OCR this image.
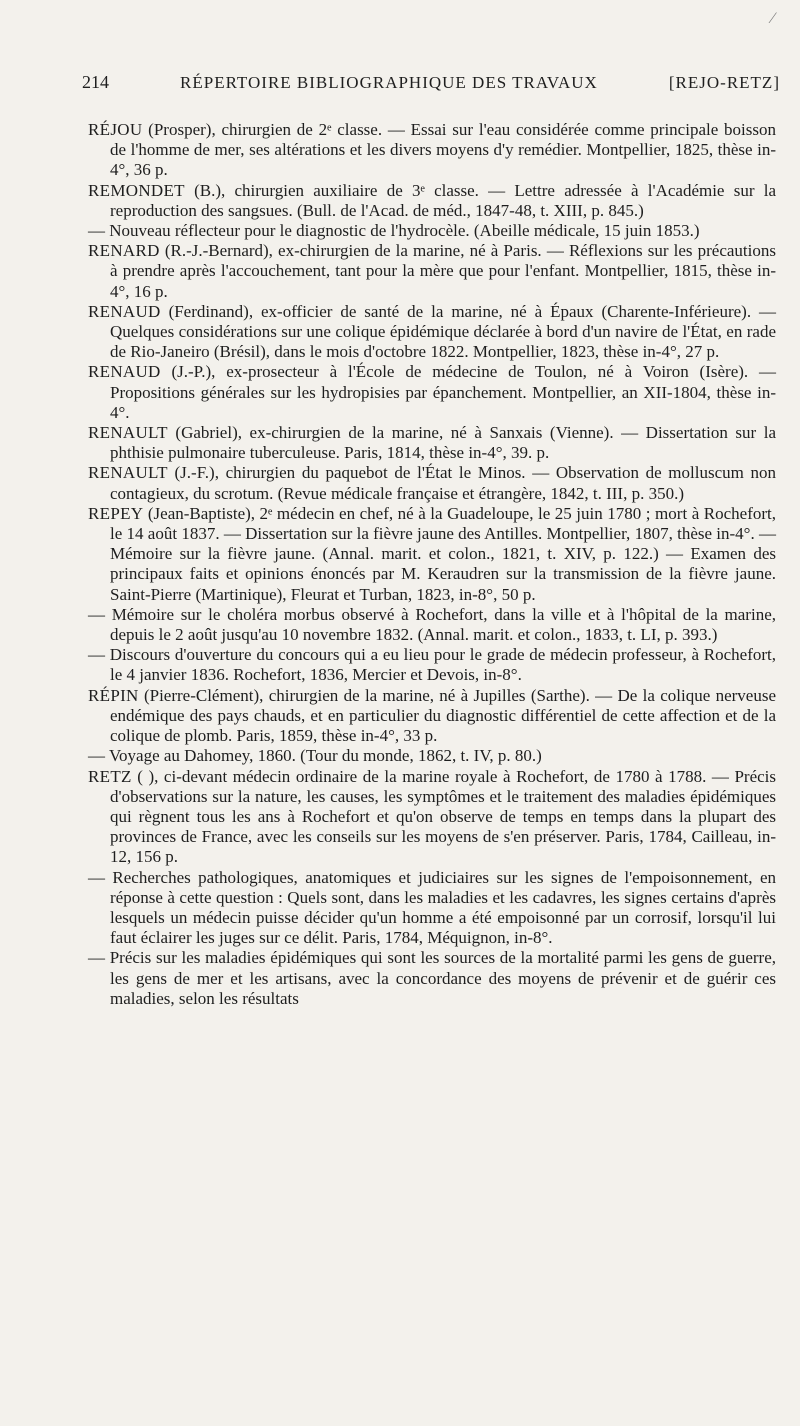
⁄
214	RÉPERTOIRE BIBLIOGRAPHIQUE DES TRAVAUX	[REJO-RETZ]

RÉJOU (Prosper), chirurgien de 2ᵉ classe. — Essai sur l'eau considérée comme principale boisson de l'homme de mer, ses altérations et les divers moyens d'y remédier. Montpellier, 1825, thèse in-4°, 36 p.

REMONDET (B.), chirurgien auxiliaire de 3ᵉ classe. — Lettre adressée à l'Académie sur la reproduction des sangsues. (Bull. de l'Acad. de méd., 1847-48, t. XIII, p. 845.)

— Nouveau réflecteur pour le diagnostic de l'hydrocèle. (Abeille médicale, 15 juin 1853.)

RENARD (R.-J.-Bernard), ex-chirurgien de la marine, né à Paris. — Réflexions sur les précautions à prendre après l'accouchement, tant pour la mère que pour l'enfant. Montpellier, 1815, thèse in-4°, 16 p.

RENAUD (Ferdinand), ex-officier de santé de la marine, né à Épaux (Charente-Inférieure). — Quelques considérations sur une colique épidémique déclarée à bord d'un navire de l'État, en rade de Rio-Janeiro (Brésil), dans le mois d'octobre 1822. Montpellier, 1823, thèse in-4°, 27 p.

RENAUD (J.-P.), ex-prosecteur à l'École de médecine de Toulon, né à Voiron (Isère). — Propositions générales sur les hydropisies par épanchement. Montpellier, an XII-1804, thèse in-4°.

RENAULT (Gabriel), ex-chirurgien de la marine, né à Sanxais (Vienne). — Dissertation sur la phthisie pulmonaire tuberculeuse. Paris, 1814, thèse in-4°, 39. p.

RENAULT (J.-F.), chirurgien du paquebot de l'État le Minos. — Observation de molluscum non contagieux, du scrotum. (Revue médicale française et étrangère, 1842, t. III, p. 350.)

REPEY (Jean-Baptiste), 2ᵉ médecin en chef, né à la Guadeloupe, le 25 juin 1780 ; mort à Rochefort, le 14 août 1837. — Dissertation sur la fièvre jaune des Antilles. Montpellier, 1807, thèse in-4°. — Mémoire sur la fièvre jaune. (Annal. marit. et colon., 1821, t. XIV, p. 122.) — Examen des principaux faits et opinions énoncés par M. Keraudren sur la transmission de la fièvre jaune. Saint-Pierre (Martinique), Fleurat et Turban, 1823, in-8°, 50 p.

— Mémoire sur le choléra morbus observé à Rochefort, dans la ville et à l'hôpital de la marine, depuis le 2 août jusqu'au 10 novembre 1832. (Annal. marit. et colon., 1833, t. LI, p. 393.)

— Discours d'ouverture du concours qui a eu lieu pour le grade de médecin professeur, à Rochefort, le 4 janvier 1836. Rochefort, 1836, Mercier et Devois, in-8°.

RÉPIN (Pierre-Clément), chirurgien de la marine, né à Jupilles (Sarthe). — De la colique nerveuse endémique des pays chauds, et en particulier du diagnostic différentiel de cette affection et de la colique de plomb. Paris, 1859, thèse in-4°, 33 p.

— Voyage au Dahomey, 1860. (Tour du monde, 1862, t. IV, p. 80.)

RETZ ( ), ci-devant médecin ordinaire de la marine royale à Rochefort, de 1780 à 1788. — Précis d'observations sur la nature, les causes, les symptômes et le traitement des maladies épidémiques qui règnent tous les ans à Rochefort et qu'on observe de temps en temps dans la plupart des provinces de France, avec les conseils sur les moyens de s'en préserver. Paris, 1784, Cailleau, in-12, 156 p.

— Recherches pathologiques, anatomiques et judiciaires sur les signes de l'empoisonnement, en réponse à cette question : Quels sont, dans les maladies et les cadavres, les signes certains d'après lesquels un médecin puisse décider qu'un homme a été empoisonné par un corrosif, lorsqu'il lui faut éclairer les juges sur ce délit. Paris, 1784, Méquignon, in-8°.

— Précis sur les maladies épidémiques qui sont les sources de la mortalité parmi les gens de guerre, les gens de mer et les artisans, avec la concordance des moyens de prévenir et de guérir ces maladies, selon les résultats
